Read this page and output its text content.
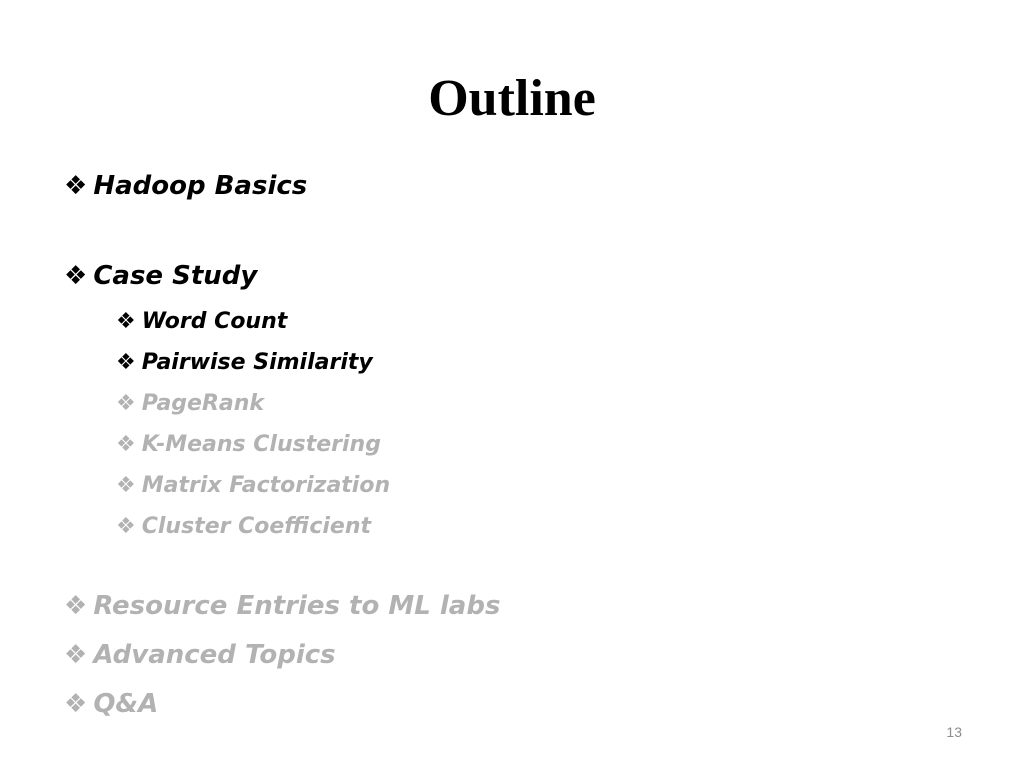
Outline
❖ Hadoop Basics
❖ Case Study
❖ Word Count
❖ Pairwise Similarity
❖ PageRank
❖ K-Means Clustering
❖ Matrix Factorization
❖ Cluster Coefficient
❖ Resource Entries to ML labs
❖ Advanced Topics
❖ Q&A
13
